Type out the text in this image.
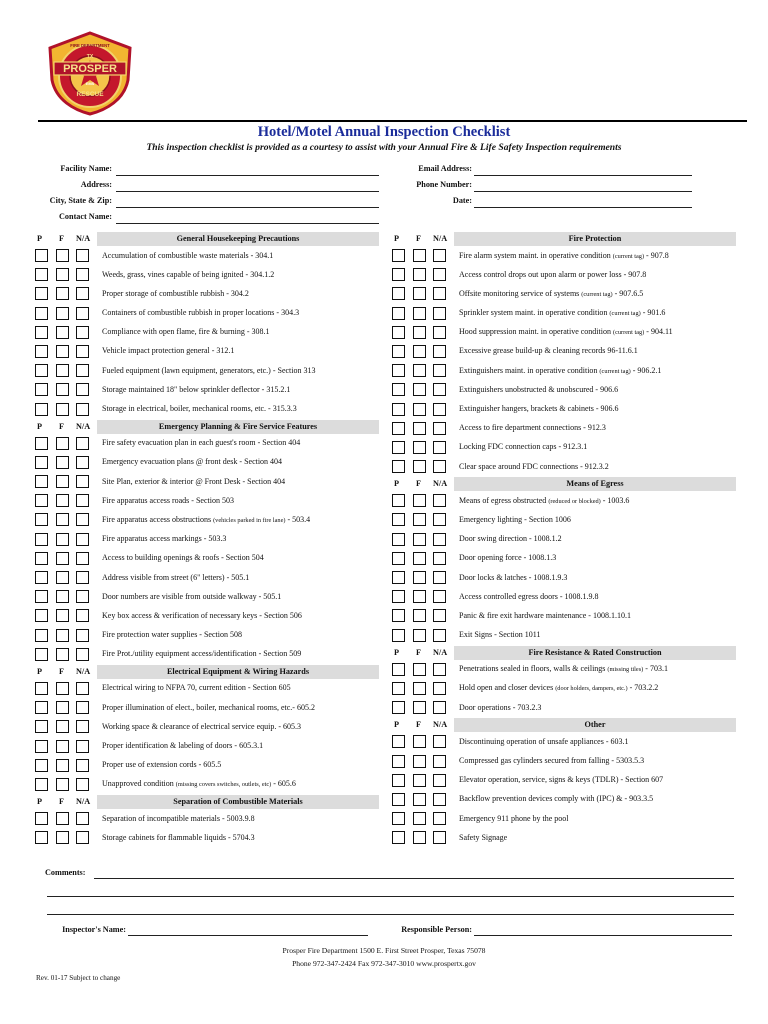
PROSPER
TX
FIRE DEPARTMENT
RESCUE
EMS
Hotel/Motel Annual Inspection Checklist
This inspection checklist is provided as a courtesy to assist with your Annual Fire & Life Safety Inspection requirements
Facility Name:
Address:
City, State & Zip:
Contact Name:
Email Address:
Phone Number:
Date:
P F N/A	General Housekeeping Precautions
Accumulation of combustible waste materials - 304.1
Weeds, grass, vines capable of being ignited - 304.1.2
Proper storage of combustible rubbish - 304.2
Containers of combustible rubbish in proper locations - 304.3
Compliance with open flame, fire & burning - 308.1
Vehicle impact protection general - 312.1
Fueled equipment (lawn equipment, generators, etc.) - Section 313
Storage maintained 18" below sprinkler deflector - 315.2.1
Storage in electrical, boiler, mechanical rooms, etc. - 315.3.3
P F N/A	Emergency Planning & Fire Service Features
Fire safety evacuation plan in each guest's room - Section 404
Emergency evacuation plans @ front desk - Section 404
Site Plan, exterior & interior @ Front Desk - Section 404
Fire apparatus access roads - Section 503
Fire apparatus access obstructions (vehicles parked in fire lane) - 503.4
Fire apparatus access markings - 503.3
Access to building openings & roofs - Section 504
Address visible from street (6" letters) - 505.1
Door numbers are visible from outside walkway - 505.1
Key box access & verification of necessary keys - Section 506
Fire protection water supplies - Section 508
Fire Prot./utility equipment access/identification - Section 509
P F N/A	Electrical Equipment & Wiring Hazards
Electrical wiring to NFPA 70, current edition - Section 605
Proper illumination of elect., boiler, mechanical rooms, etc.- 605.2
Working space & clearance of electrical service equip. - 605.3
Proper identification & labeling of doors - 605.3.1
Proper use of extension cords - 605.5
Unapproved condition (missing covers switches, outlets, etc) - 605.6
P F N/A	Separation of Combustible Materials
Separation of incompatible materials - 5003.9.8
Storage cabinets for flammable liquids - 5704.3
P F N/A	Fire Protection
Fire alarm system maint. in operative condition (current tag) - 907.8
Access control drops out upon alarm or power loss - 907.8
Offsite monitoring service of systems (current tag) - 907.6.5
Sprinkler system maint. in operative condition (current tag) - 901.6
Hood suppression maint. in operative condition (current tag) - 904.11
Excessive grease build-up & cleaning records 96-11.6.1
Extinguishers maint. in operative condition (current tag) - 906.2.1
Extinguishers unobstructed & unobscured - 906.6
Extinguisher hangers, brackets & cabinets - 906.6
Access to fire department connections - 912.3
Locking FDC connection caps - 912.3.1
Clear space around FDC connections - 912.3.2
P F N/A	Means of Egress
Means of egress obstructed (reduced or blocked) - 1003.6
Emergency lighting - Section 1006
Door swing direction - 1008.1.2
Door opening force - 1008.1.3
Door locks & latches - 1008.1.9.3
Access controlled egress doors - 1008.1.9.8
Panic & fire exit hardware maintenance - 1008.1.10.1
Exit Signs - Section 1011
P F N/A	Fire Resistance & Rated Construction
Penetrations sealed in floors, walls & ceilings (missing tiles) - 703.1
Hold open and closer devices (door holders, dampers, etc.) - 703.2.2
Door operations - 703.2.3
P F N/A	Other
Discontinuing operation of unsafe appliances - 603.1
Compressed gas cylinders secured from falling - 5303.5.3
Elevator operation, service, signs & keys (TDLR) - Section 607
Backflow prevention devices comply with (IPC) & - 903.3.5
Emergency 911 phone by the pool
Safety Signage
Comments:
Inspector's Name:	Responsible Person:
Prosper Fire Department 1500 E. First Street Prosper, Texas 75078
Phone 972-347-2424 Fax 972-347-3010 www.prospertx.gov
Rev. 01-17 Subject to change
